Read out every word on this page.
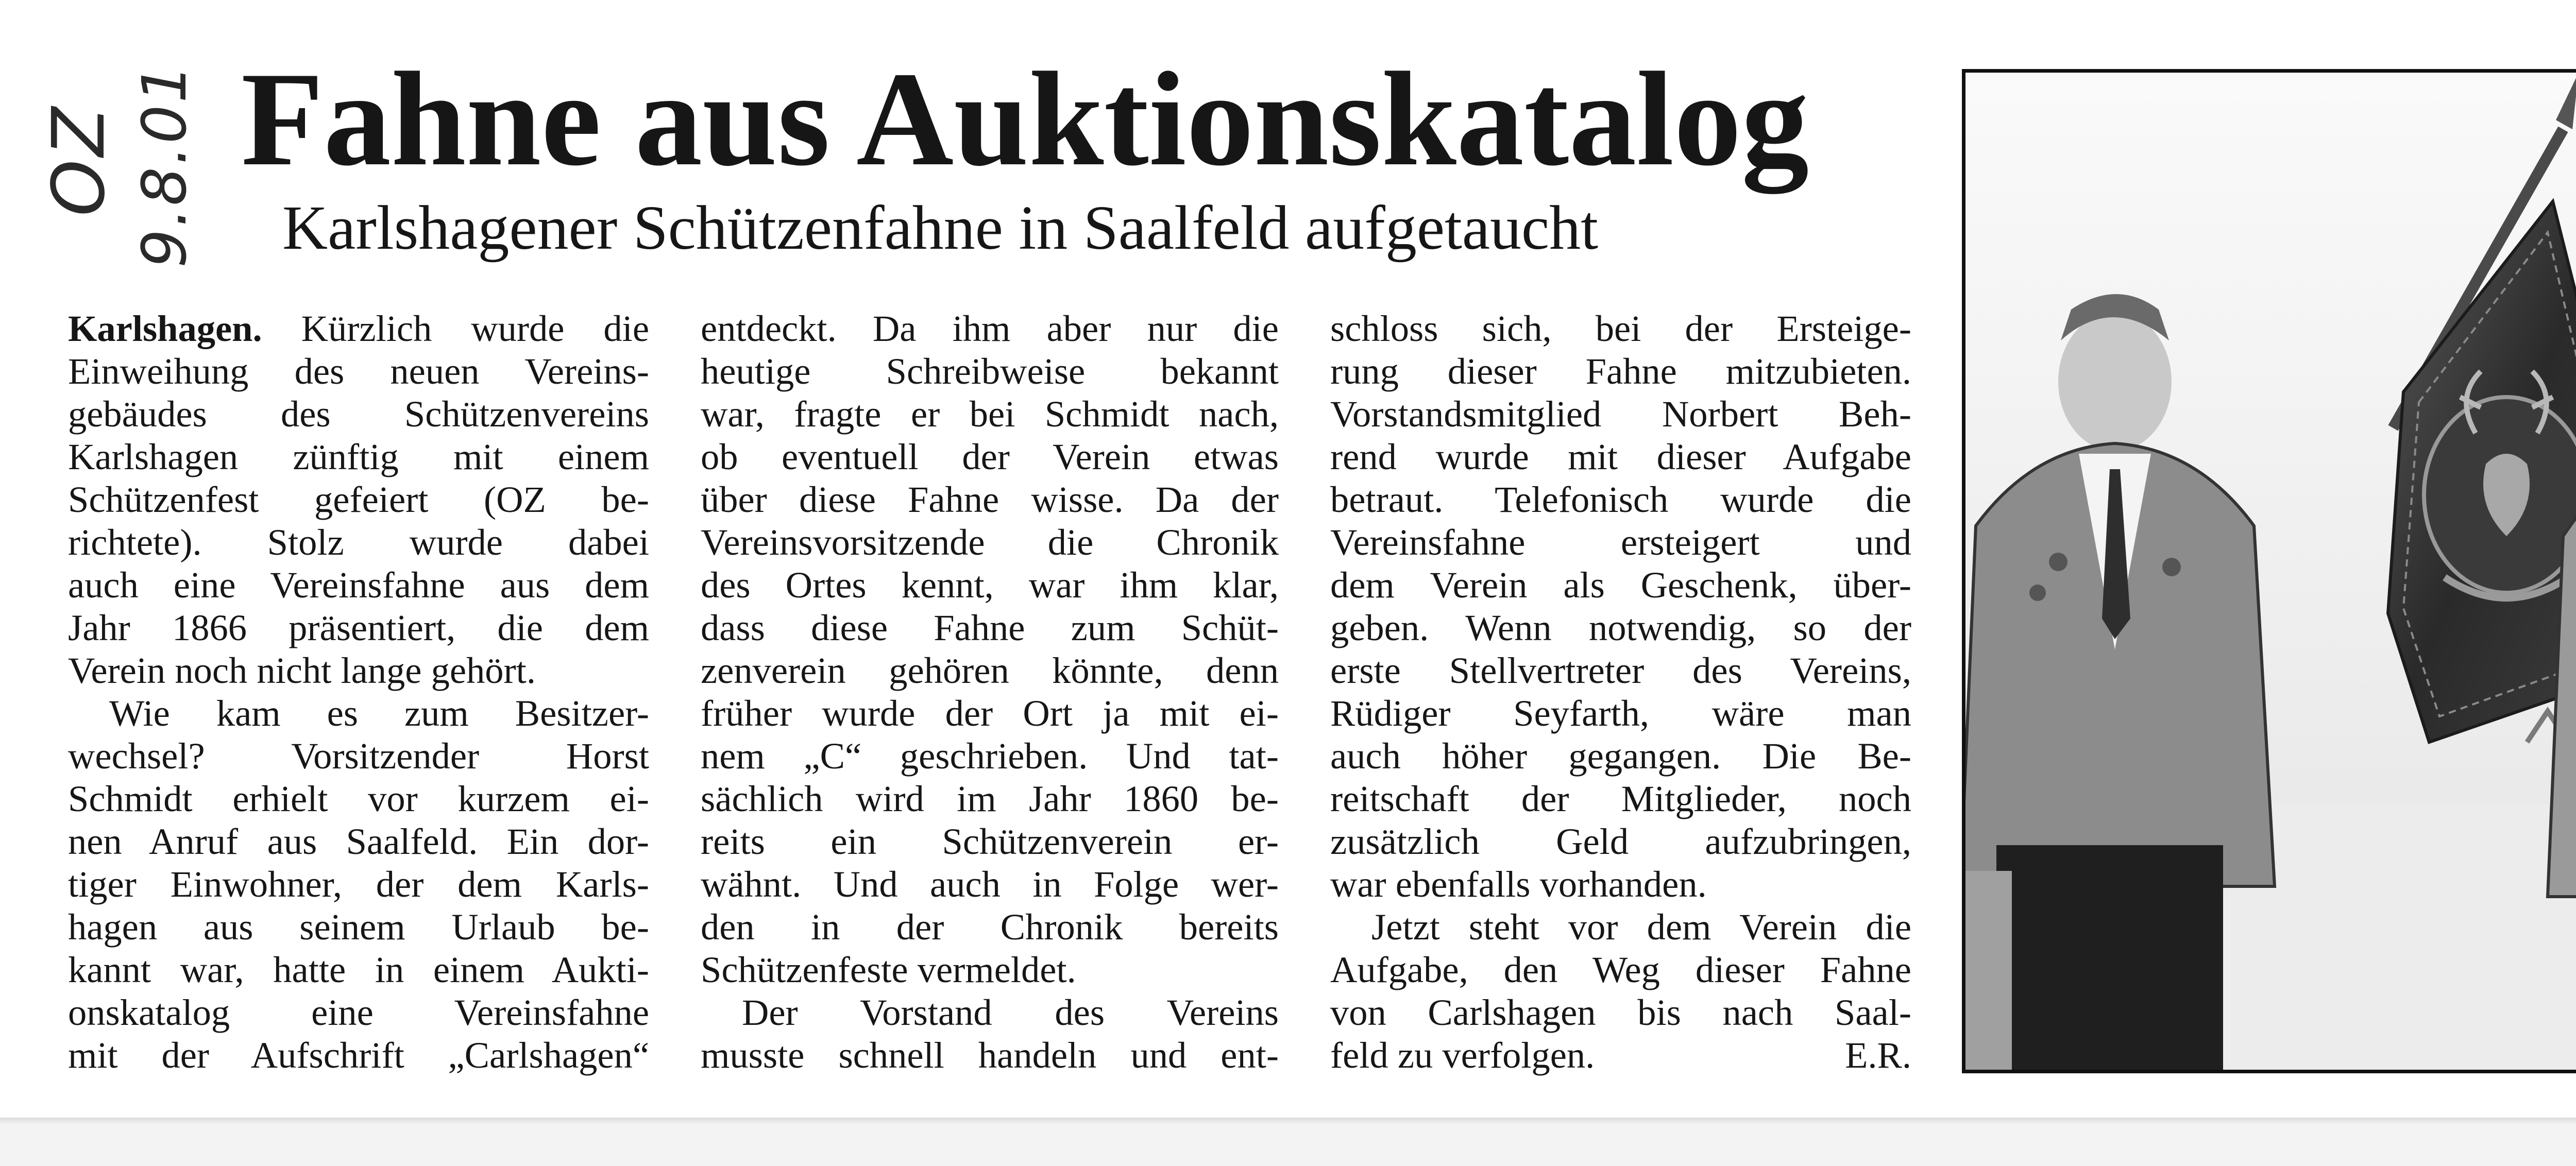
OZ 9.8.01 Fahne aus Auktionskatalog
Karlshagener Schützenfahne in Saalfeld aufgetaucht
Karlshagen. Kürzlich wurde die
Einweihung des neuen Vereins-
gebäudes des Schützenvereins
Karlshagen zünftig mit einem
Schützenfest gefeiert (OZ be-
richtete). Stolz wurde dabei
auch eine Vereinsfahne aus dem
Jahr 1866 präsentiert, die dem
Verein noch nicht lange gehört.
Wie kam es zum Besitzer-
wechsel? Vorsitzender Horst
Schmidt erhielt vor kurzem ei-
nen Anruf aus Saalfeld. Ein dor-
tiger Einwohner, der dem Karls-
hagen aus seinem Urlaub be-
kannt war, hatte in einem Aukti-
onskatalog eine Vereinsfahne
mit der Aufschrift „Carlshagen“
entdeckt. Da ihm aber nur die
heutige Schreibweise bekannt
war, fragte er bei Schmidt nach,
ob eventuell der Verein etwas
über diese Fahne wisse. Da der
Vereinsvorsitzende die Chronik
des Ortes kennt, war ihm klar,
dass diese Fahne zum Schüt-
zenverein gehören könnte, denn
früher wurde der Ort ja mit ei-
nem „C“ geschrieben. Und tat-
sächlich wird im Jahr 1860 be-
reits ein Schützenverein er-
wähnt. Und auch in Folge wer-
den in der Chronik bereits
Schützenfeste vermeldet.
Der Vorstand des Vereins
musste schnell handeln und ent-
schloss sich, bei der Ersteige-
rung dieser Fahne mitzubieten.
Vorstandsmitglied Norbert Beh-
rend wurde mit dieser Aufgabe
betraut. Telefonisch wurde die
Vereinsfahne ersteigert und
dem Verein als Geschenk, über-
geben. Wenn notwendig, so der
erste Stellvertreter des Vereins,
Rüdiger Seyfarth, wäre man
auch höher gegangen. Die Be-
reitschaft der Mitglieder, noch
zusätzlich Geld aufzubringen,
war ebenfalls vorhanden.
Jetzt steht vor dem Verein die
Aufgabe, den Weg dieser Fahne
von Carlshagen bis nach Saal-
feld zu verfolgen.	E.R.
